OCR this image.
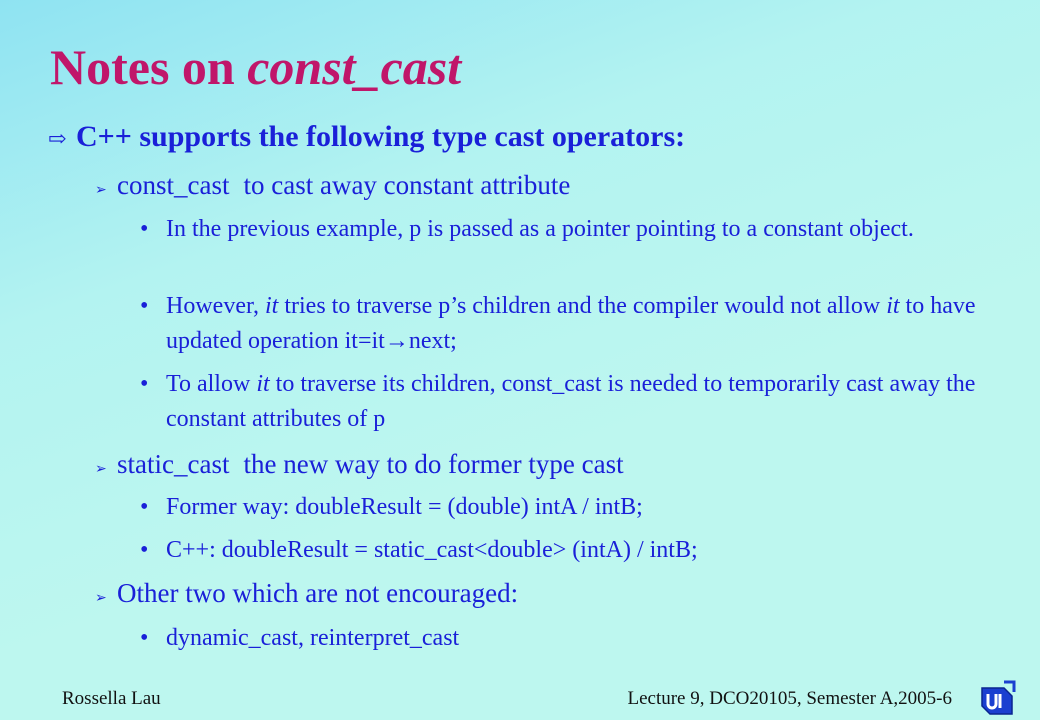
Notes on const_cast
⇨ C++ supports the following type cast operators:
➢ const_cast to cast away constant attribute
• In the previous example, p is passed as a pointer pointing to a constant object.
• However, it tries to traverse p’s children and the compiler would not allow it to have updated operation it=it→next;
• To allow it to traverse its children, const_cast is needed to temporarily cast away the constant attributes of p
➢ static_cast the new way to do former type cast
• Former way: doubleResult = (double) intA / intB;
• C++: doubleResult = static_cast<double> (intA) / intB;
➢ Other two which are not encouraged:
• dynamic_cast, reinterpret_cast
Rossella Lau	Lecture 9, DCO20105, Semester A,2005-6
